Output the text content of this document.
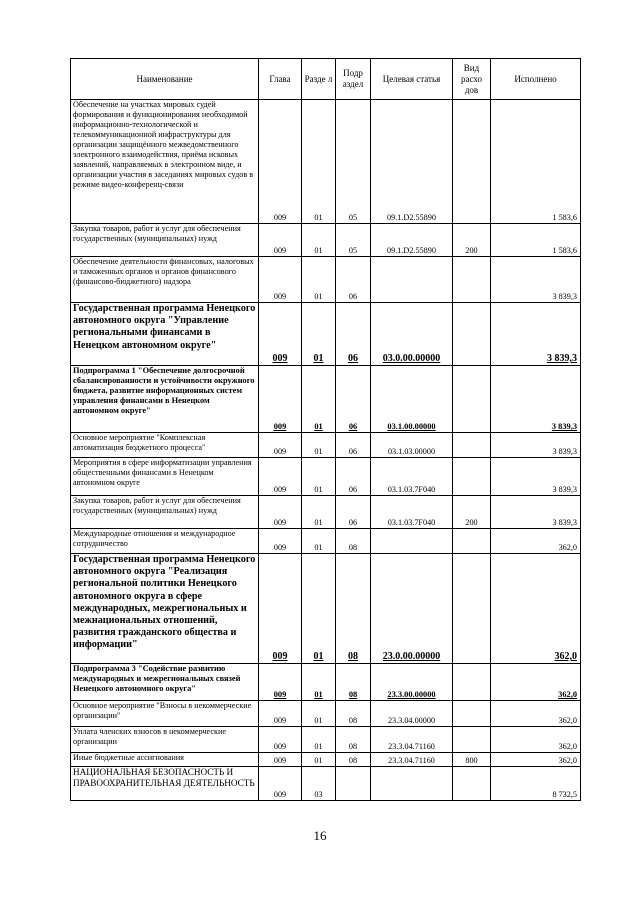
Наименование	Глава	Разде л	Подр аздел	Целевая статья	Вид расхо дов	Исполнено
Обеспечение на участках мировых судей формирования и функционирования необходимой информационно-технологической и телекоммуникационной инфраструктуры для организации защищённого межведомственного электронного взаимодействия, приёма исковых заявлений, направляемых в электронном виде, и организации участия в заседаниях мировых судов в режиме видео-конференц-связи	009	01	05	09.1.D2.55890		1 583,6
Закупка товаров, работ и услуг для обеспечения государственных (муниципальных) нужд	009	01	05	09.1.D2.55890	200	1 583,6
Обеспечение деятельности финансовых, налоговых и таможенных органов и органов финансового (финансово-бюджетного) надзора	009	01	06			3 839,3
Государственная программа Ненецкого автономного округа "Управление региональными финансами в Ненецком автономном округе"	009	01	06	03.0.00.00000		3 839,3
Подпрограмма 1 "Обеспечение долгосрочной сбалансированности и устойчивости окружного бюджета, развитие информационных систем управления финансами в Ненецком автономном округе"	009	01	06	03.1.00.00000		3 839,3
Основное мероприятие "Комплексная автоматизация бюджетного процесса"	009	01	06	03.1.03.00000		3 839,3
Мероприятия в сфере информатизации управления общественными финансами в Ненецком автономном округе	009	01	06	03.1.03.7F040		3 839,3
Закупка товаров, работ и услуг для обеспечения государственных (муниципальных) нужд	009	01	06	03.1.03.7F040	200	3 839,3
Международные отношения и международное сотрудничество	009	01	08			362,0
Государственная программа Ненецкого автономного округа "Реализация региональной политики Ненецкого автономного округа в сфере международных, межрегиональных и межнациональных отношений, развития гражданского общества и информации"	009	01	08	23.0.00.00000		362,0
Подпрограмма 3 "Содействие развитию международных и межрегиональных связей Ненецкого автономного округа"	009	01	08	23.3.00.00000		362,0
Основное мероприятие "Взносы в некоммерческие организации"	009	01	08	23.3.04.00000		362,0
Уплата членских взносов в некоммерческие организации	009	01	08	23.3.04.71160		362,0
Иные бюджетные ассигнования	009	01	08	23.3.04.71160	800	362,0
НАЦИОНАЛЬНАЯ БЕЗОПАСНОСТЬ И ПРАВООХРАНИТЕЛЬНАЯ ДЕЯТЕЛЬНОСТЬ	009	03				8 732,5
16
